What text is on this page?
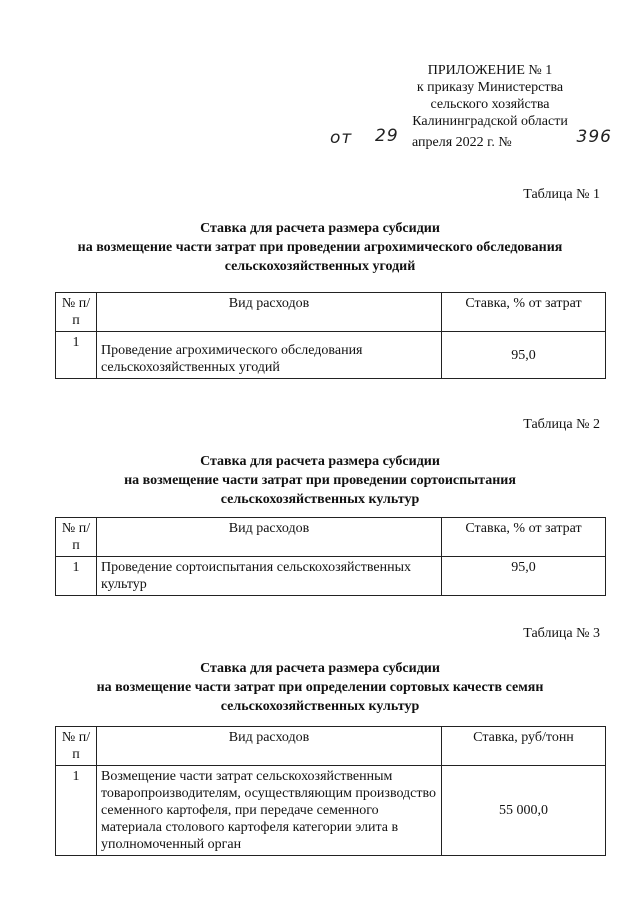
ПРИЛОЖЕНИЕ № 1
к приказу Министерства
сельского хозяйства
Калининградской области
от 29 апреля 2022 г. №	396
Таблица № 1
Ставка для расчета размера субсидии
на возмещение части затрат при проведении агрохимического обследования
сельскохозяйственных угодий
№ п/п	Вид расходов	Ставка, % от затрат
1	Проведение агрохимического обследования сельскохозяйственных угодий	95,0
Таблица № 2
Ставка для расчета размера субсидии
на возмещение части затрат при проведении сортоиспытания
сельскохозяйственных культур
№ п/п	Вид расходов	Ставка, % от затрат
1	Проведение сортоиспытания сельскохозяйственных культур	95,0
Таблица № 3
Ставка для расчета размера субсидии
на возмещение части затрат при определении сортовых качеств семян
сельскохозяйственных культур
№ п/п	Вид расходов	Ставка, руб/тонн
1	Возмещение части затрат сельскохозяйственным товаропроизводителям, осуществляющим производство семенного картофеля, при передаче семенного материала столового картофеля категории элита в уполномоченный орган	55 000,0
